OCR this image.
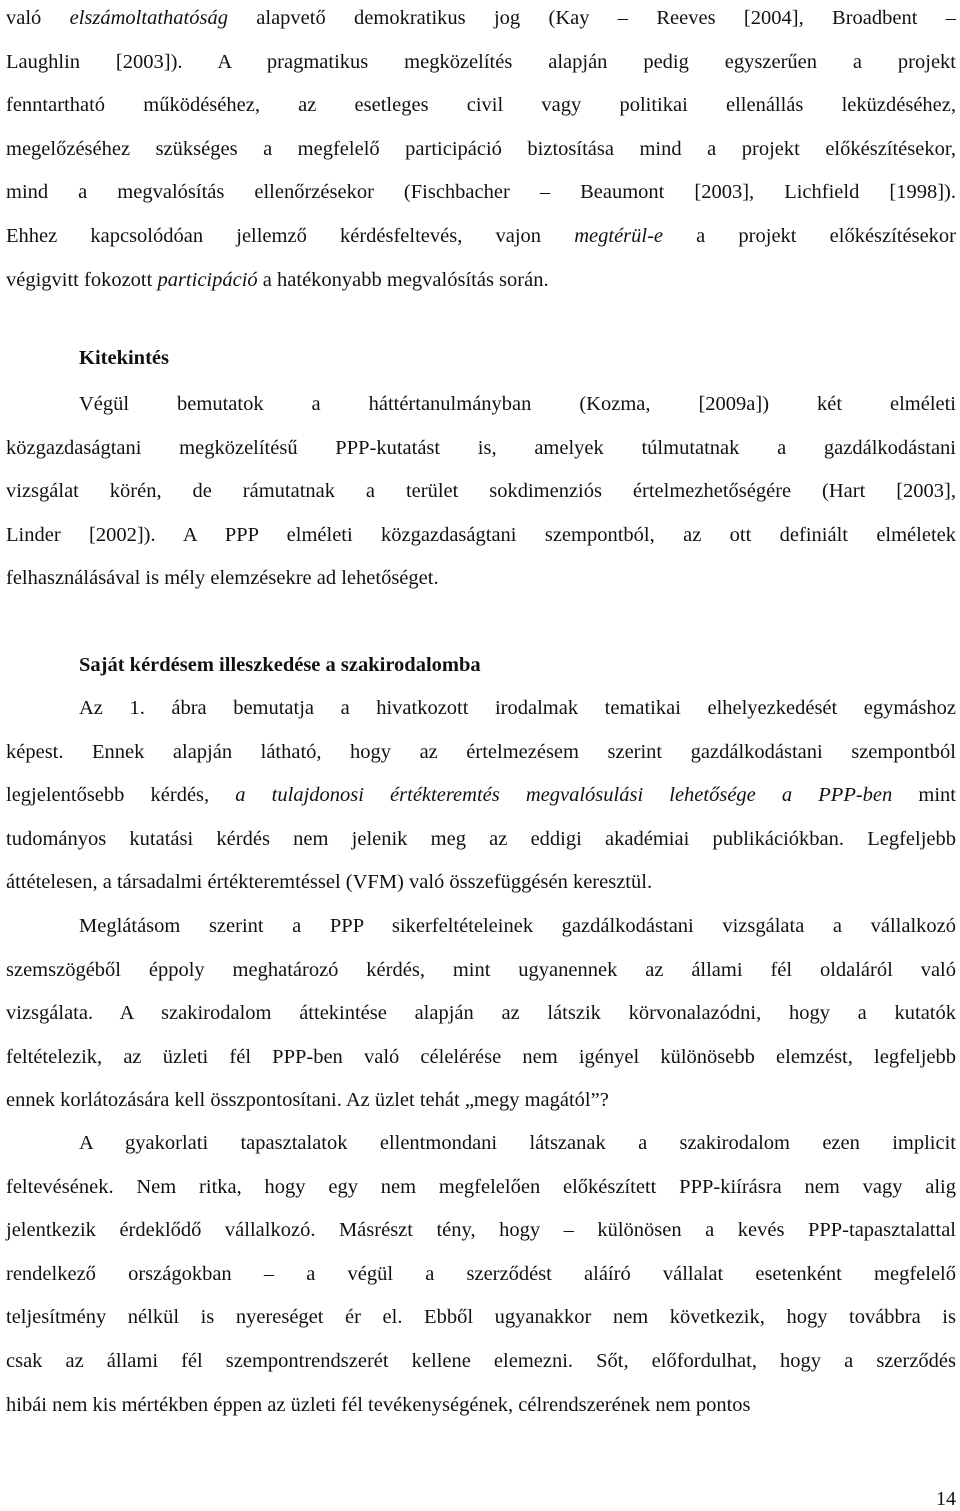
való elszámoltathatóság alapvető demokratikus jog (Kay – Reeves [2004], Broadbent –
Laughlin [2003]). A pragmatikus megközelítés alapján pedig egyszerűen a projekt
fenntartható működéséhez, az esetleges civil vagy politikai ellenállás leküzdéséhez,
megelőzéséhez szükséges a megfelelő participáció biztosítása mind a projekt előkészítésekor,
mind a megvalósítás ellenőrzésekor (Fischbacher – Beaumont [2003], Lichfield [1998]).
Ehhez kapcsolódóan jellemző kérdésfeltevés, vajon megtérül-e a projekt előkészítésekor
végigvitt fokozott participáció a hatékonyabb megvalósítás során.
Kitekintés
Végül bemutatok a háttértanulmányban (Kozma, [2009a]) két elméleti
közgazdaságtani megközelítésű PPP-kutatást is, amelyek túlmutatnak a gazdálkodástani
vizsgálat körén, de rámutatnak a terület sokdimenziós értelmezhetőségére (Hart [2003],
Linder [2002]). A PPP elméleti közgazdaságtani szempontból, az ott definiált elméletek
felhasználásával is mély elemzésekre ad lehetőséget.
Saját kérdésem illeszkedése a szakirodalomba
Az 1. ábra bemutatja a hivatkozott irodalmak tematikai elhelyezkedését egymáshoz
képest. Ennek alapján látható, hogy az értelmezésem szerint gazdálkodástani szempontból
legjelentősebb kérdés, a tulajdonosi értékteremtés megvalósulási lehetősége a PPP-ben mint
tudományos kutatási kérdés nem jelenik meg az eddigi akadémiai publikációkban. Legfeljebb
áttételesen, a társadalmi értékteremtéssel (VFM) való összefüggésén keresztül.
Meglátásom szerint a PPP sikerfeltételeinek gazdálkodástani vizsgálata a vállalkozó
szemszögéből éppoly meghatározó kérdés, mint ugyanennek az állami fél oldaláról való
vizsgálata. A szakirodalom áttekintése alapján az látszik körvonalazódni, hogy a kutatók
feltételezik, az üzleti fél PPP-ben való célelérése nem igényel különösebb elemzést, legfeljebb
ennek korlátozására kell összpontosítani. Az üzlet tehát „megy magától”?
A gyakorlati tapasztalatok ellentmondani látszanak a szakirodalom ezen implicit
feltevésének. Nem ritka, hogy egy nem megfelelően előkészített PPP-kiírásra nem vagy alig
jelentkezik érdeklődő vállalkozó. Másrészt tény, hogy – különösen a kevés PPP-tapasztalattal
rendelkező országokban – a végül a szerződést aláíró vállalat esetenként megfelelő
teljesítmény nélkül is nyereséget ér el. Ebből ugyanakkor nem következik, hogy továbbra is
csak az állami fél szempontrendszerét kellene elemezni. Sőt, előfordulhat, hogy a szerződés
hibái nem kis mértékben éppen az üzleti fél tevékenységének, célrendszerének nem pontos
14
